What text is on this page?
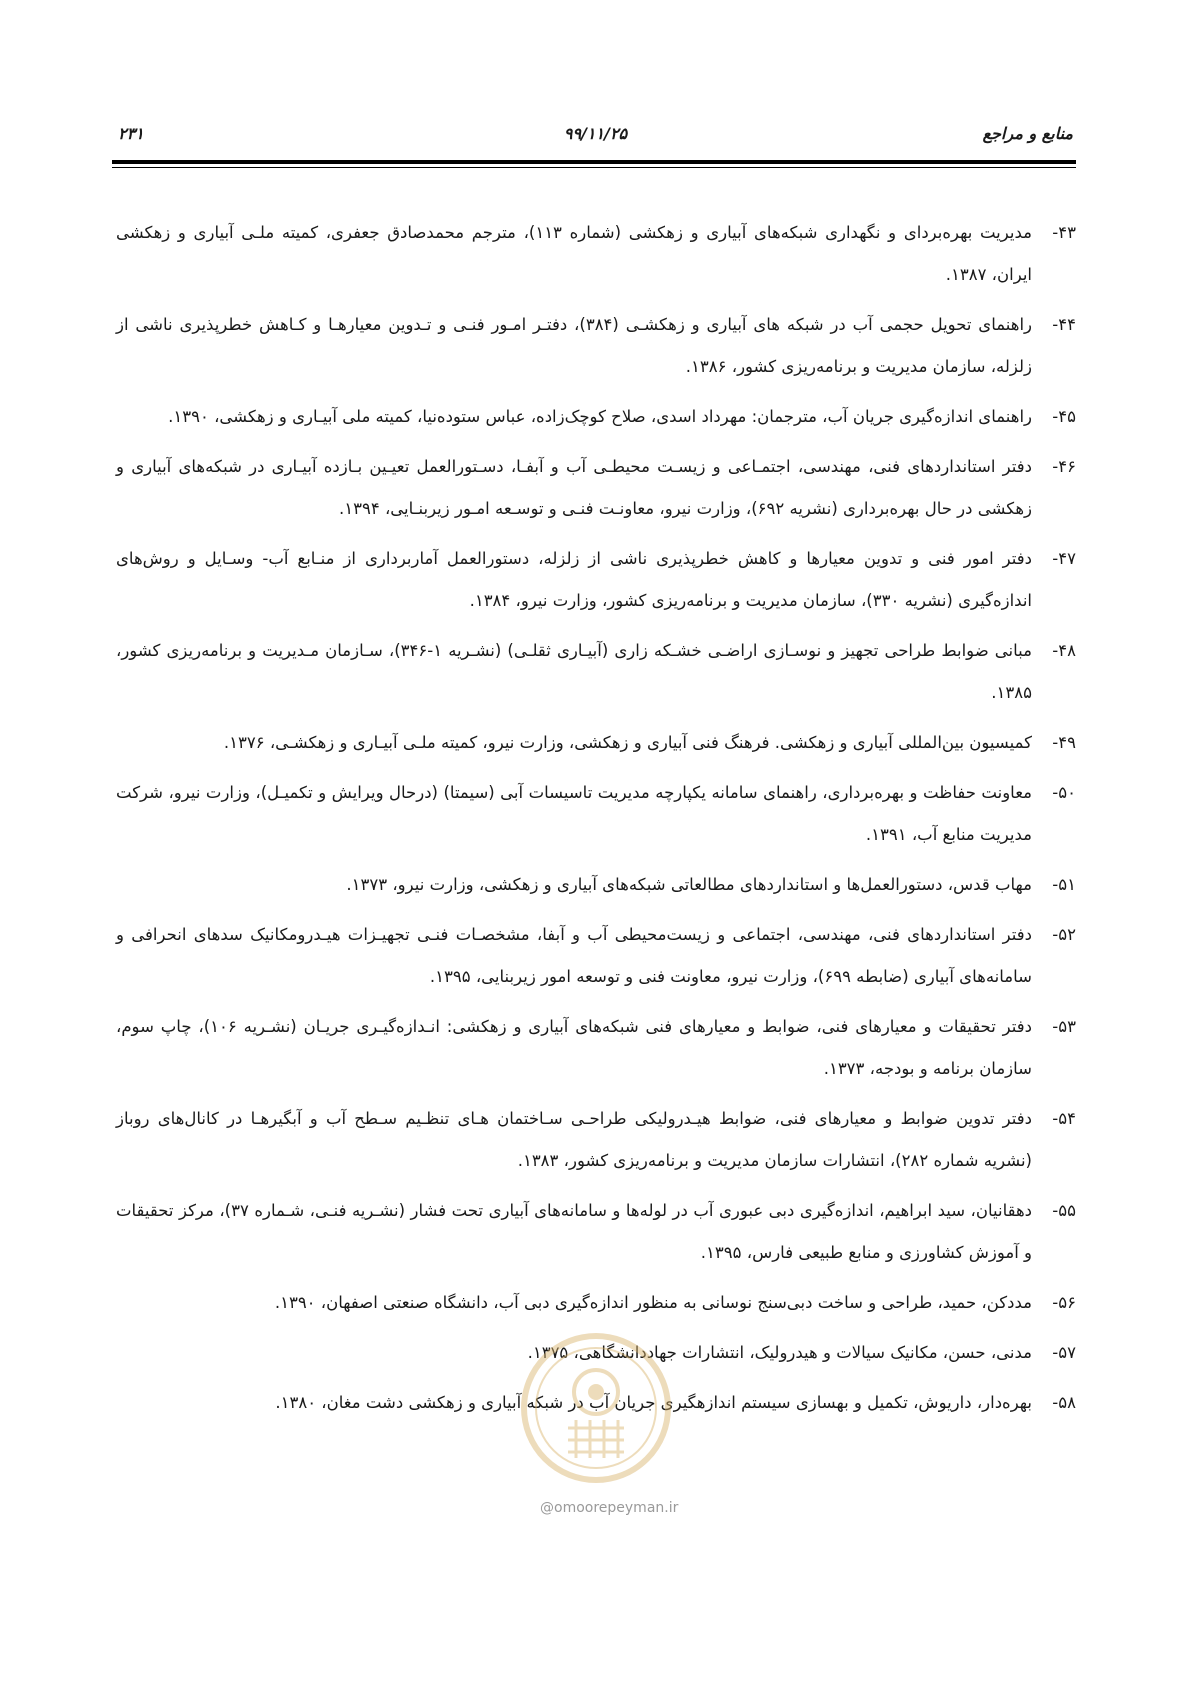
منابع و مراجع
۹۹/۱۱/۲۵
۲۳۱
۴۳-
مدیریت بهره‌بردای و نگهداری شبکه‌های آبیاری و زهکشی (شماره ۱۱۳)، مترجم محمدصادق جعفری، کمیته ملـی آبیاری و زهکشی ایران، ۱۳۸۷.
۴۴-
راهنمای تحویل حجمی آب در شبکه های آبیاری و زهکشـی (۳۸۴)، دفتـر امـور فنـی و تـدوین معیارهـا و کـاهش خطرپذیری ناشی از زلزله، سازمان مدیریت و برنامه‌ریزی کشور، ۱۳۸۶.
۴۵-
راهنمای اندازه‌گیری جریان آب، مترجمان: مهرداد اسدی، صلاح کوچک‌زاده، عباس ستوده‌نیا، کمیته ملی آبیـاری و زهکشی، ۱۳۹۰.
۴۶-
دفتر استانداردهای فنی، مهندسی، اجتمـاعی و زیسـت محیطـی آب و آبفـا، دسـتورالعمل تعیـین بـازده آبیـاری در شبکه‌های آبیاری و زهکشی در حال بهره‌برداری (نشریه ۶۹۲)، وزارت نیرو، معاونـت فنـی و توسـعه امـور زیربنـایی، ۱۳۹۴.
۴۷-
دفتر امور فنی و تدوین معیارها و کاهش خطرپذیری ناشی از زلزله، دستورالعمل آماربرداری از منـابع آب- وسـایل و روش‌های اندازه‌گیری (نشریه ۳۳۰)، سازمان مدیریت و برنامه‌ریزی کشور، وزارت نیرو، ۱۳۸۴.
۴۸-
مبانی ضوابط طراحی تجهیز و نوسـازی اراضـی خشـکه زاری (آبیـاری ثقلـی) (نشـریه ۱-۳۴۶)، سـازمان مـدیریت و برنامه‌ریزی کشور، ۱۳۸۵.
۴۹-
کمیسیون بین‌المللی آبیاری و زهکشی. فرهنگ فنی آبیاری و زهکشی، وزارت نیرو، کمیته ملـی آبیـاری و زهکشـی، ۱۳۷۶.
۵۰-
معاونت حفاظت و بهره‌برداری، راهنمای سامانه یکپارچه مدیریت تاسیسات آبی (سیمتا) (درحال ویرایش و تکمیـل)، وزارت نیرو، شرکت مدیریت منابع آب، ۱۳۹۱.
۵۱-
مهاب قدس، دستورالعمل‌ها و استانداردهای مطالعاتی شبکه‌های آبیاری و زهکشی، وزارت نیرو، ۱۳۷۳.
۵۲-
دفتر استانداردهای فنی، مهندسی، اجتماعی و زیست‌محیطی آب و آبفا، مشخصـات فنـی تجهیـزات هیـدرومکانیک سدهای انحرافی و سامانه‌های آبیاری (ضابطه ۶۹۹)، وزارت نیرو، معاونت فنی و توسعه امور زیربنایی، ۱۳۹۵.
۵۳-
دفتر تحقیقات و معیارهای فنی، ضوابط و معیارهای فنی شبکه‌های آبیاری و زهکشی: انـدازه‌گیـری جریـان (نشـریه ۱۰۶)، چاپ سوم، سازمان برنامه و بودجه، ۱۳۷۳.
۵۴-
دفتر تدوین ضوابط و معیارهای فنی، ضوابط هیـدرولیکی طراحـی سـاختمان هـای تنظـیم سـطح آب و آبگیرهـا در کانال‌های روباز (نشریه شماره ۲۸۲)، انتشارات سازمان مدیریت و برنامه‌ریزی کشور، ۱۳۸۳.
۵۵-
دهقانیان، سید ابراهیم، اندازه‌گیری دبی عبوری آب در لوله‌ها و سامانه‌های آبیاری تحت فشار (نشـریه فنـی، شـماره ۳۷)، مرکز تحقیقات و آموزش کشاورزی و منابع طبیعی فارس، ۱۳۹۵.
۵۶-
مددکن، حمید، طراحی و ساخت دبی‌سنج نوسانی به منظور اندازه‌گیری دبی آب، دانشگاه صنعتی اصفهان، ۱۳۹۰.
۵۷-
مدنی، حسن، مکانیک سیالات و هیدرولیک، انتشارات جهاددانشگاهی، ۱۳۷۵.
۵۸-
بهره‌دار، داریوش، تکمیل و بهسازی سیستم اندازهگیری جریان آب در شبکه آبیاری و زهکشی دشت مغان، ۱۳۸۰.
@omoorepeyman.ir
